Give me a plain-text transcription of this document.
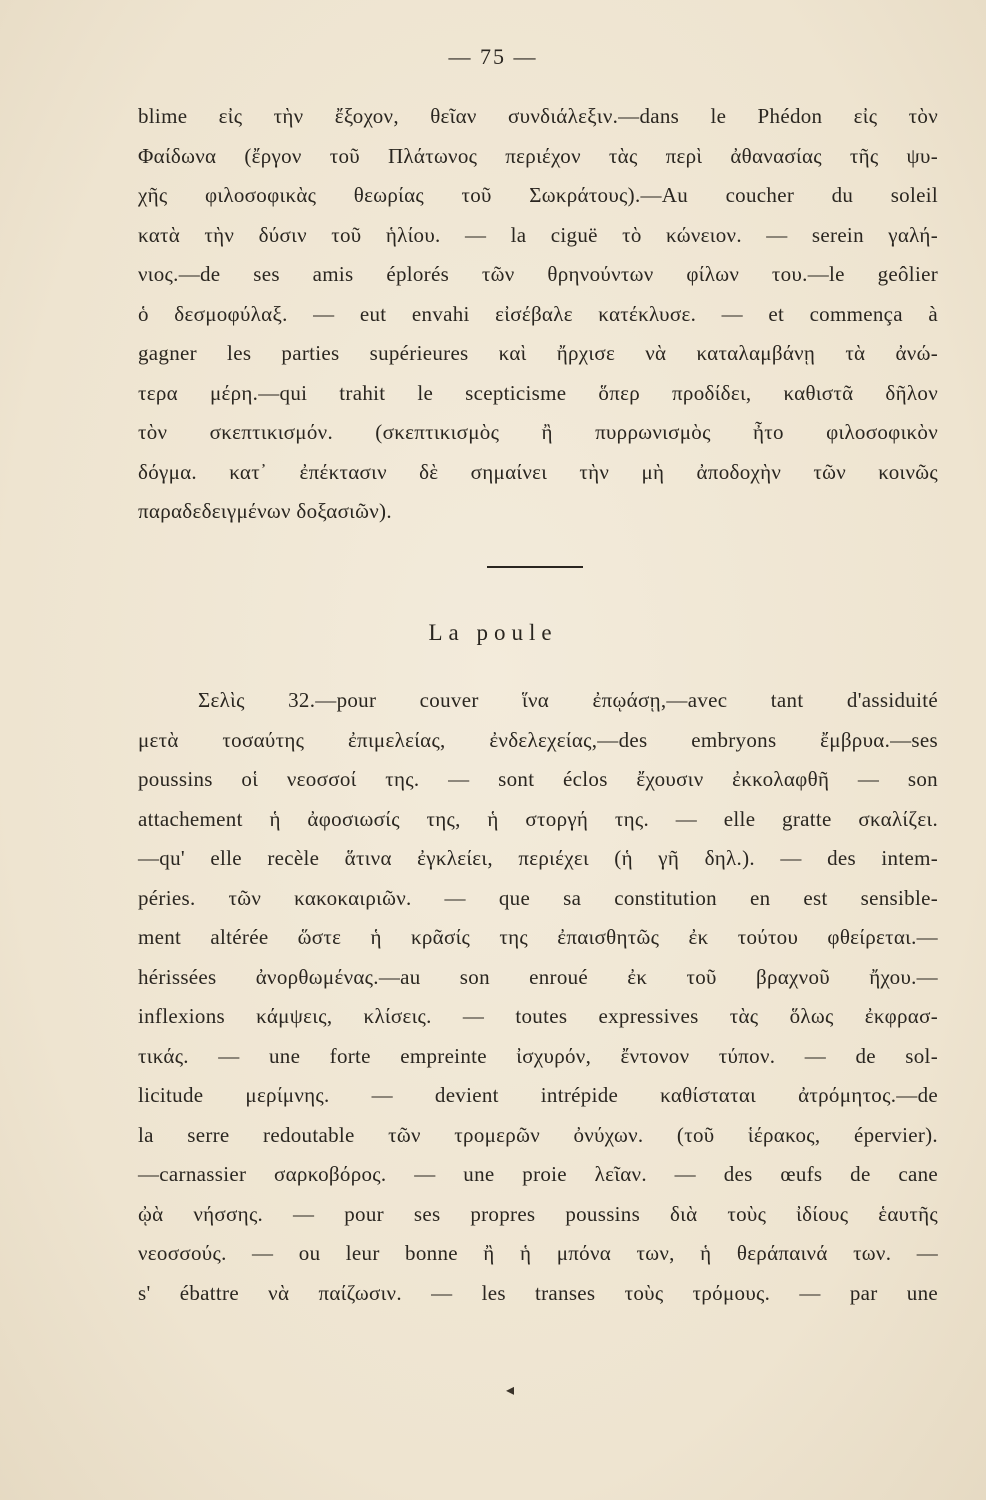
— 75 —
blime εἰς τὴν ἔξοχον, θεῖαν συνδιάλεξιν.—dans le Phédon εἰς τὸν
Φαίδωνα (ἔργον τοῦ Πλάτωνος περιέχον τὰς περὶ ἀθανασίας τῆς ψυ-
χῆς φιλοσοφικὰς θεωρίας τοῦ Σωκράτους).—Au coucher du soleil
κατὰ τὴν δύσιν τοῦ ἡλίου. — la ciguë τὸ κώνειον. — serein γαλή-
νιος.—de ses amis éplorés τῶν θρηνούντων φίλων του.—le geôlier
ὁ δεσμοφύλαξ. — eut envahi εἰσέβαλε κατέκλυσε. — et commença à
gagner les parties supérieures καὶ ἤρχισε νὰ καταλαμβάνῃ τὰ ἀνώ-
τερα μέρη.—qui trahit le scepticisme ὅπερ προδίδει, καθιστᾶ δῆλον
τὸν σκεπτικισμόν. (σκεπτικισμὸς ἢ πυρρωνισμὸς ἦτο φιλοσοφικὸν
δόγμα. κατ᾽ ἐπέκτασιν δὲ σημαίνει τὴν μὴ ἀποδοχὴν τῶν κοινῶς
παραδεδειγμένων δοξασιῶν).
La poule
Σελὶς 32.—pour couver ἵνα ἐπῳάσῃ,—avec tant d'assiduité
μετὰ τοσαύτης ἐπιμελείας, ἐνδελεχείας,—des embryons ἔμβρυα.—ses
poussins οἱ νεοσσοί της. — sont éclos ἔχουσιν ἐκκολαφθῆ — son
attachement ἡ ἀφοσιωσίς της, ἡ στοργή της. — elle gratte σκαλίζει.
—qu' elle recèle ἅτινα ἐγκλείει, περιέχει (ἡ γῆ δηλ.). — des intem-
péries. τῶν κακοκαιριῶν. — que sa constitution en est sensible-
ment altérée ὥστε ἡ κρᾶσίς της ἐπαισθητῶς ἐκ τούτου φθείρεται.—
hérissées ἀνορθωμένας.—au son enroué ἐκ τοῦ βραχνοῦ ἤχου.—
inflexions κάμψεις, κλίσεις. — toutes expressives τὰς ὅλως ἐκφρασ-
τικάς. — une forte empreinte ἰσχυρόν, ἔντονον τύπον. — de sol-
licitude μερίμνης. — devient intrépide καθίσταται ἀτρόμητος.—de
la serre redoutable τῶν τρομερῶν ὀνύχων. (τοῦ ἱέρακος, épervier).
—carnassier σαρκοβόρος. — une proie λεῖαν. — des œufs de cane
ᾠὰ νήσσης. — pour ses propres poussins διὰ τοὺς ἰδίους ἑαυτῆς
νεοσσούς. — ou leur bonne ἢ ἡ μπόνα των, ἡ θεράπαινά των. —
s' ébattre νὰ παίζωσιν. — les transes τοὺς τρόμους. — par une
◂
